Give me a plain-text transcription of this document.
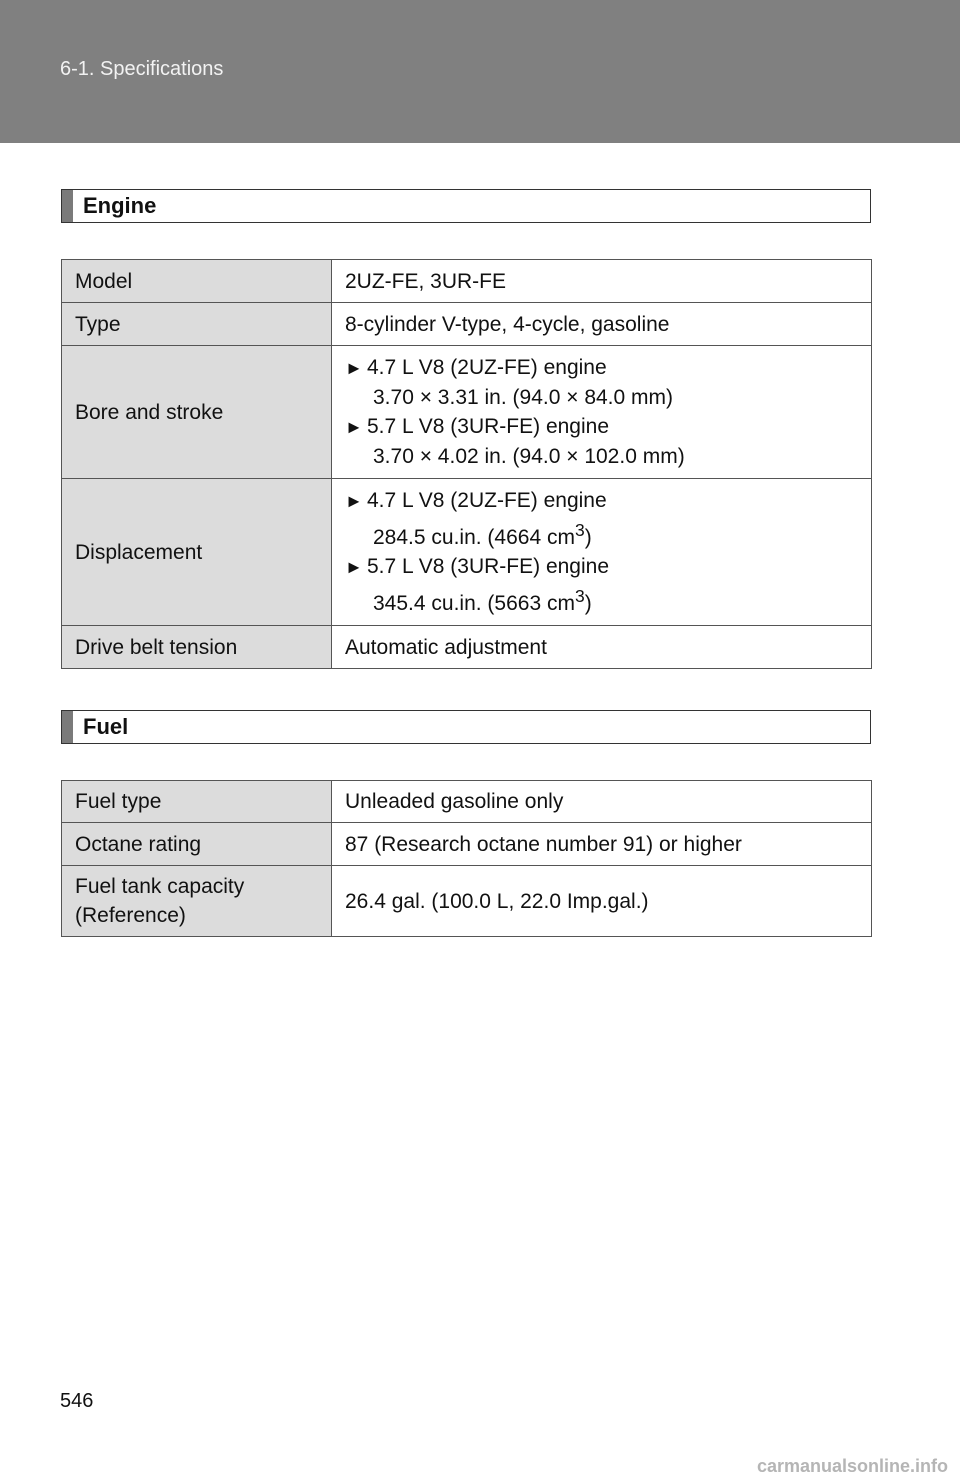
6-1. Specifications
Engine
Model	2UZ-FE, 3UR-FE
Type	8-cylinder V-type, 4-cycle, gasoline
Bore and stroke	► 4.7 L V8 (2UZ-FE) engine
3.70 × 3.31 in. (94.0 × 84.0 mm)
► 5.7 L V8 (3UR-FE) engine
3.70 × 4.02 in. (94.0 × 102.0 mm)

Displacement	► 4.7 L V8 (2UZ-FE) engine
284.5 cu.in. (4664 $cm^3$)
► 5.7 L V8 (3UR-FE) engine
345.4 cu.in. (5663 $cm^3$)

Drive belt tension	Automatic adjustment
Fuel
Fuel type	Unleaded gasoline only
Octane rating	87 (Research octane number 91) or higher

Fuel tank capacity
(Reference)	26.4 gal. (100.0 L, 22.0 Imp.gal.)
546
carmanualsonline.info
